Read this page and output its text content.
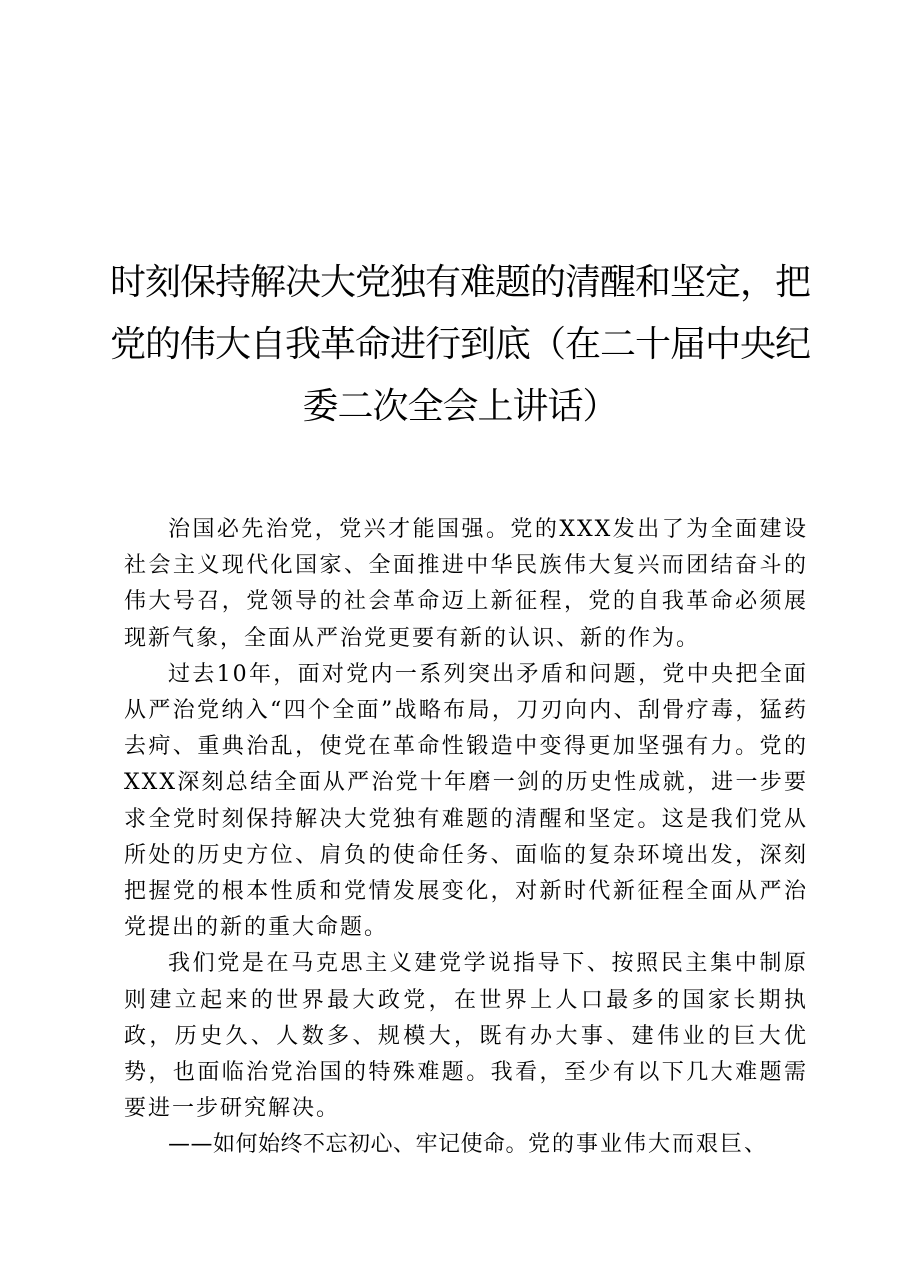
时刻保持解决大党独有难题的清醒和坚定，把
党的伟大自我革命进行到底（在二十届中央纪
委二次全会上讲话）

治国必先治党，党兴才能国强。党的XXX发出了为全面建设社会主义现代化国家、全面推进中华民族伟大复兴而团结奋斗的伟大号召，党领导的社会革命迈上新征程，党的自我革命必须展现新气象，全面从严治党更要有新的认识、新的作为。

过去10年，面对党内一系列突出矛盾和问题，党中央把全面从严治党纳入“四个全面”战略布局，刀刃向内、刮骨疗毒，猛药去疴、重典治乱，使党在革命性锻造中变得更加坚强有力。党的XXX深刻总结全面从严治党十年磨一剑的历史性成就，进一步要求全党时刻保持解决大党独有难题的清醒和坚定。这是我们党从所处的历史方位、肩负的使命任务、面临的复杂环境出发，深刻把握党的根本性质和党情发展变化，对新时代新征程全面从严治党提出的新的重大命题。

我们党是在马克思主义建党学说指导下、按照民主集中制原则建立起来的世界最大政党，在世界上人口最多的国家长期执政，历史久、人数多、规模大，既有办大事、建伟业的巨大优势，也面临治党治国的特殊难题。我看，至少有以下几大难题需要进一步研究解决。

——如何始终不忘初心、牢记使命。党的事业伟大而艰巨、
